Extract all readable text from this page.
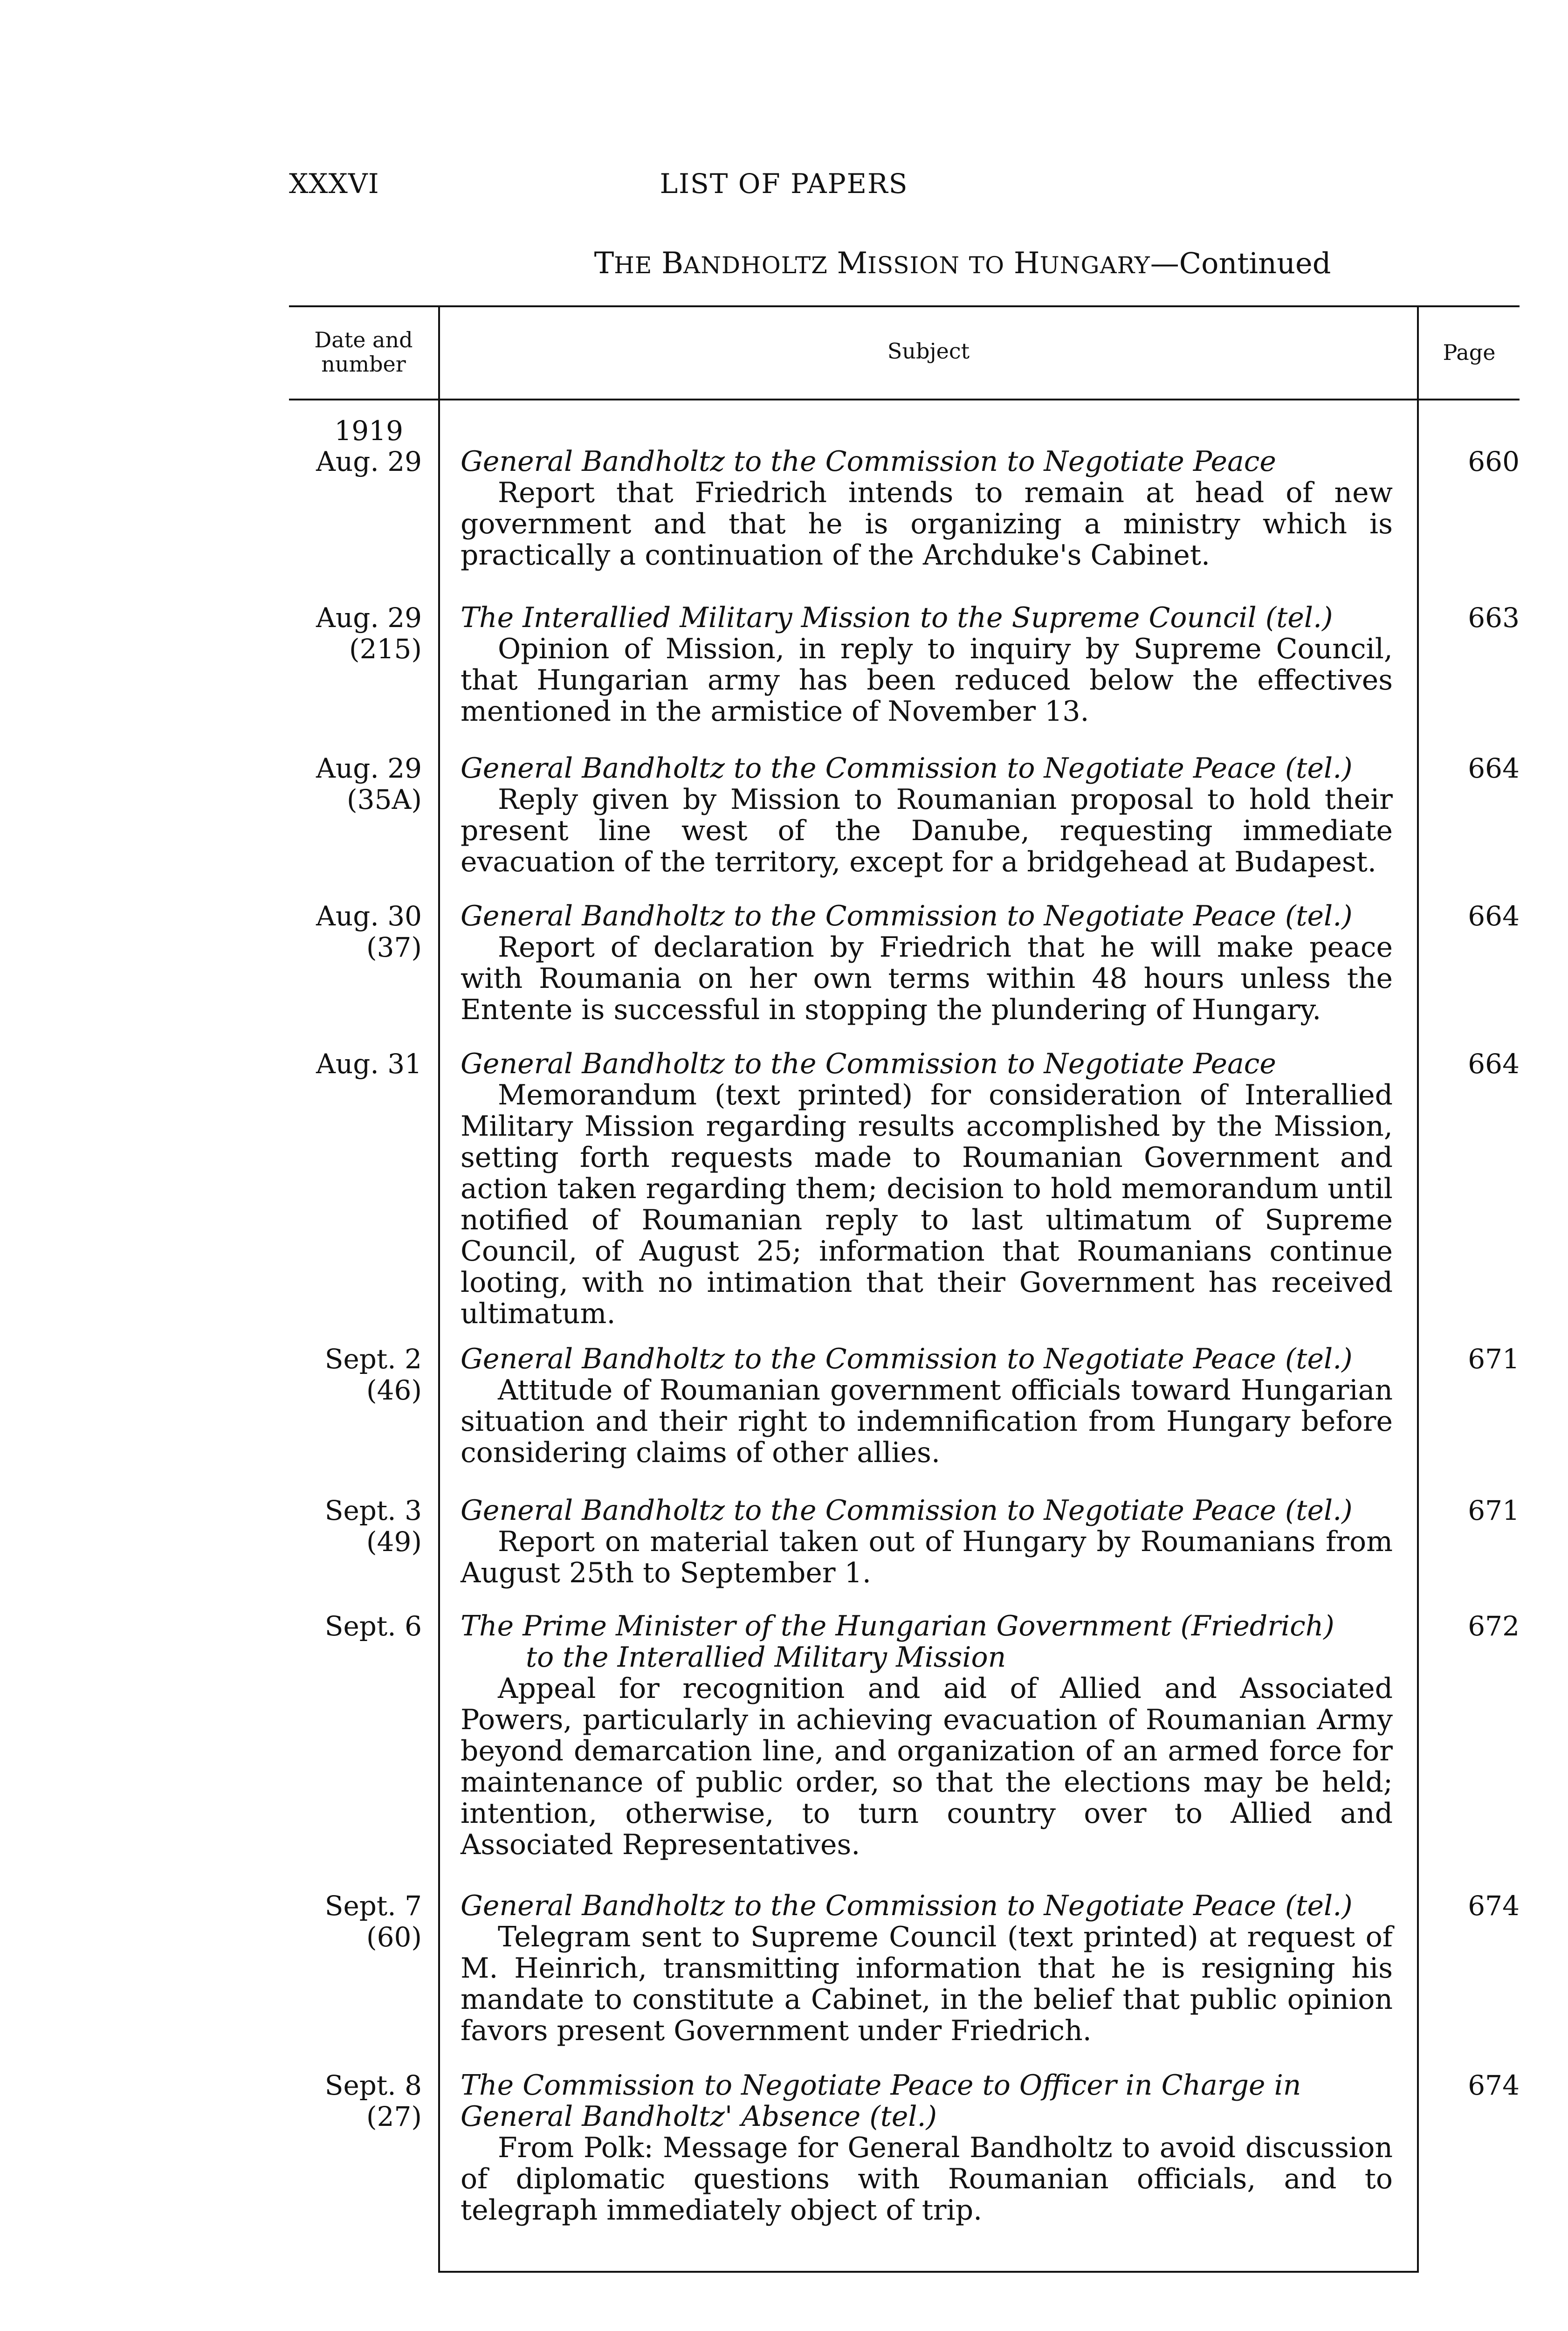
XXXVI	LIST OF PAPERS
THE BANDHOLTZ MISSION TO HUNGARY—Continued
Date and
number
Subject	Page
1919
Aug. 29 General Bandholtz to the Commission to Negotiate Peace
Report that Friedrich intends to remain at head of new government and that he is organizing a ministry which is practically a continuation of the Archduke's Cabinet.
660
Aug. 29
(215)
The Interallied Military Mission to the Supreme Council (tel.)
Opinion of Mission, in reply to inquiry by Supreme Council, that Hungarian army has been reduced below the effectives mentioned in the armistice of November 13.
663
Aug. 29
(35A)
General Bandholtz to the Commission to Negotiate Peace (tel.)
Reply given by Mission to Roumanian proposal to hold their present line west of the Danube, requesting immediate evacuation of the territory, except for a bridgehead at Budapest.
664
Aug. 30
(37)
General Bandholtz to the Commission to Negotiate Peace (tel.)
Report of declaration by Friedrich that he will make peace with Roumania on her own terms within 48 hours unless the Entente is successful in stopping the plundering of Hungary.
664
Aug. 31 General Bandholtz to the Commission to Negotiate Peace
Memorandum (text printed) for consideration of Interallied Military Mission regarding results accomplished by the Mission, setting forth requests made to Roumanian Government and action taken regarding them; decision to hold memorandum until notified of Roumanian reply to last ultimatum of Supreme Council, of August 25; information that Roumanians continue looting, with no intimation that their Government has received ultimatum.
664
Sept. 2
(46)
General Bandholtz to the Commission to Negotiate Peace (tel.)
Attitude of Roumanian government officials toward Hungarian situation and their right to indemnification from Hungary before considering claims of other allies.
671
Sept. 3
(49)
General Bandholtz to the Commission to Negotiate Peace (tel.)
Report on material taken out of Hungary by Roumanians from August 25th to September 1.
671
Sept. 6 The Prime Minister of the Hungarian Government (Friedrich)
to the Interallied Military Mission
Appeal for recognition and aid of Allied and Associated Powers, particularly in achieving evacuation of Roumanian Army beyond demarcation line, and organization of an armed force for maintenance of public order, so that the elections may be held; intention, otherwise, to turn country over to Allied and Associated Representatives.
672
Sept. 7
(60)
General Bandholtz to the Commission to Negotiate Peace (tel.)
Telegram sent to Supreme Council (text printed) at request of M. Heinrich, transmitting information that he is resigning his mandate to constitute a Cabinet, in the belief that public opinion favors present Government under Friedrich.
674
Sept. 8
(27)
The Commission to Negotiate Peace to Officer in Charge in General Bandholtz' Absence (tel.)
From Polk: Message for General Bandholtz to avoid discussion of diplomatic questions with Roumanian officials, and to telegraph immediately object of trip.
674
